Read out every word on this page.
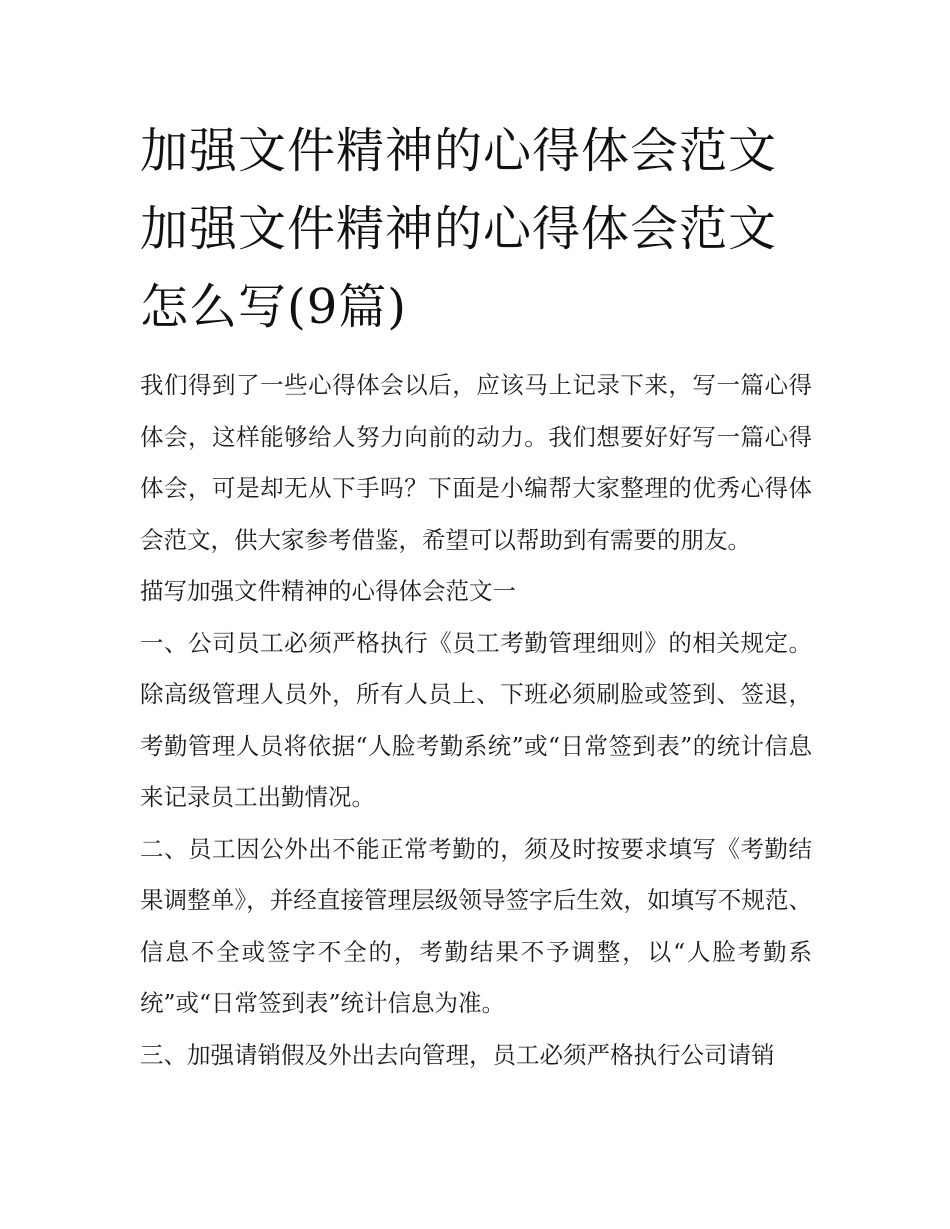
加强文件精神的心得体会范文
加强文件精神的心得体会范文
怎么写(9篇)

我们得到了一些心得体会以后，应该马上记录下来，写一篇心得体会，这样能够给人努力向前的动力。我们想要好好写一篇心得体会，可是却无从下手吗？下面是小编帮大家整理的优秀心得体会范文，供大家参考借鉴，希望可以帮助到有需要的朋友。

描写加强文件精神的心得体会范文一

一、公司员工必须严格执行《员工考勤管理细则》的相关规定。除高级管理人员外，所有人员上、下班必须刷脸或签到、签退，考勤管理人员将依据“人脸考勤系统”或“日常签到表”的统计信息来记录员工出勤情况。

二、员工因公外出不能正常考勤的，须及时按要求填写《考勤结果调整单》，并经直接管理层级领导签字后生效，如填写不规范、信息不全或签字不全的，考勤结果不予调整，以“人脸考勤系统”或“日常签到表”统计信息为准。

三、加强请销假及外出去向管理，员工必须严格执行公司请销
